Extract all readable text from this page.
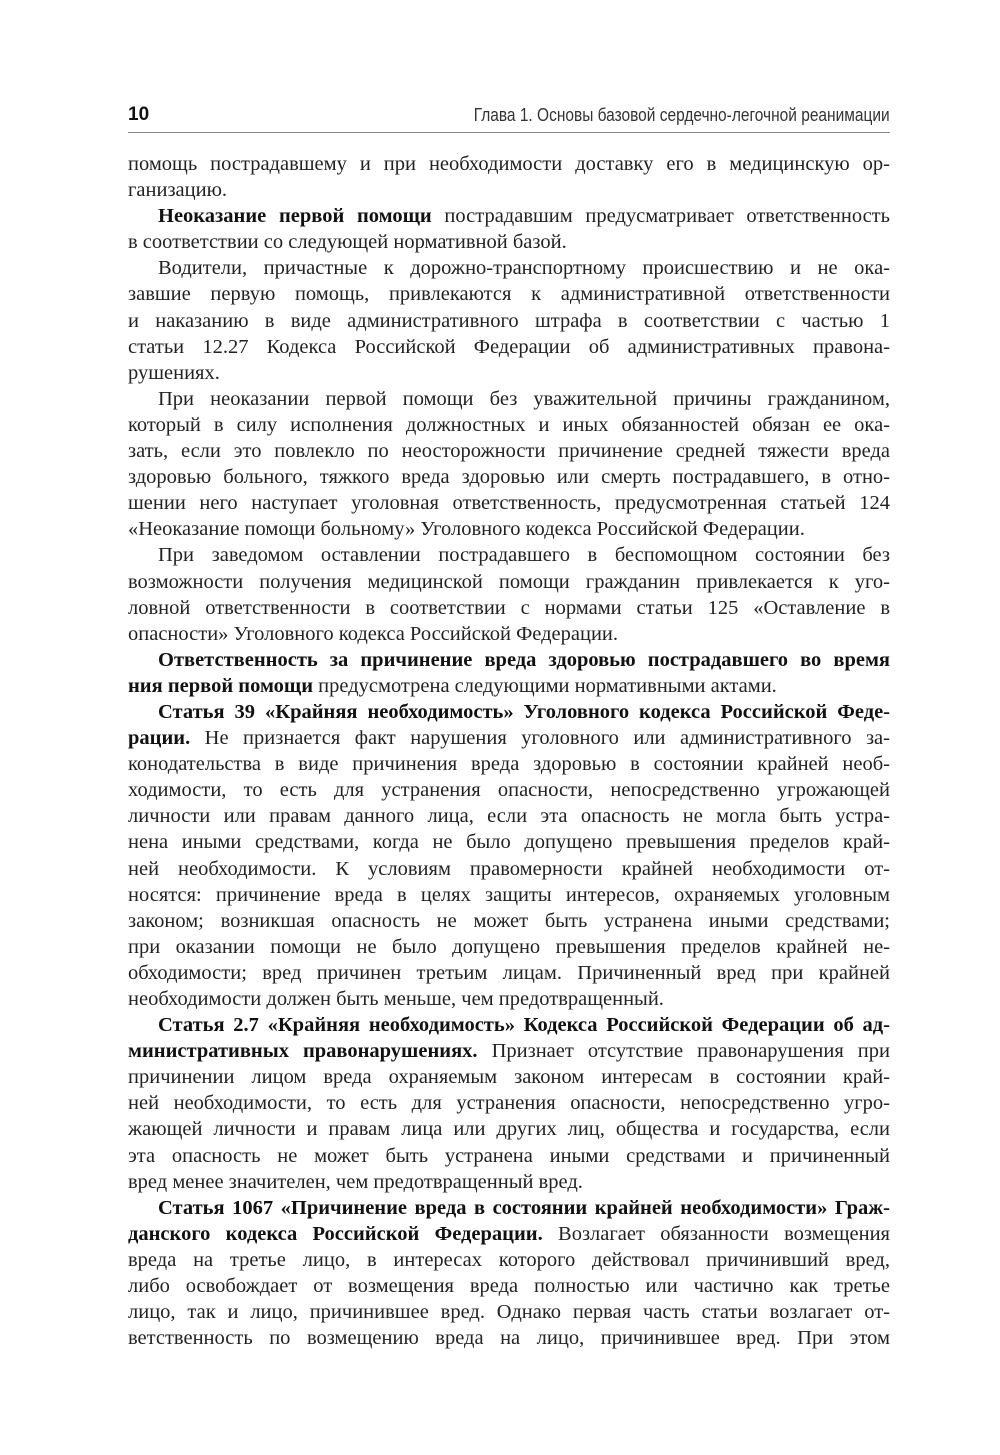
10	Глава 1. Основы базовой сердечно-легочной реанимации
помощь пострадавшему и при необходимости доставку его в медицинскую ор-
ганизацию.
Неоказание первой помощи пострадавшим предусматривает ответственность
в соответствии со следующей нормативной базой.
Водители, причастные к дорожно-транспортному происшествию и не ока-
завшие первую помощь, привлекаются к административной ответственности
и наказанию в виде административного штрафа в соответствии с частью 1
статьи 12.27 Кодекса Российской Федерации об административных правона-
рушениях.
При неоказании первой помощи без уважительной причины гражданином,
который в силу исполнения должностных и иных обязанностей обязан ее ока-
зать, если это повлекло по неосторожности причинение средней тяжести вреда
здоровью больного, тяжкого вреда здоровью или смерть пострадавшего, в отно-
шении него наступает уголовная ответственность, предусмотренная статьей 124
«Неоказание помощи больному» Уголовного кодекса Российской Федерации.
При заведомом оставлении пострадавшего в беспомощном состоянии без
возможности получения медицинской помощи гражданин привлекается к уго-
ловной ответственности в соответствии с нормами статьи 125 «Оставление в
опасности» Уголовного кодекса Российской Федерации.
Ответственность за причинение вреда здоровью пострадавшего во время
ния первой помощи предусмотрена следующими нормативными актами.
Статья 39 «Крайняя необходимость» Уголовного кодекса Российской Феде-
рации. Не признается факт нарушения уголовного или административного за-
конодательства в виде причинения вреда здоровью в состоянии крайней необ-
ходимости, то есть для устранения опасности, непосредственно угрожающей
личности или правам данного лица, если эта опасность не могла быть устра-
нена иными средствами, когда не было допущено превышения пределов край-
ней необходимости. К условиям правомерности крайней необходимости от-
носятся: причинение вреда в целях защиты интересов, охраняемых уголовным
законом; возникшая опасность не может быть устранена иными средствами;
при оказании помощи не было допущено превышения пределов крайней не-
обходимости; вред причинен третьим лицам. Причиненный вред при крайней
необходимости должен быть меньше, чем предотвращенный.
Статья 2.7 «Крайняя необходимость» Кодекса Российской Федерации об ад-
министративных правонарушениях. Признает отсутствие правонарушения при
причинении лицом вреда охраняемым законом интересам в состоянии край-
ней необходимости, то есть для устранения опасности, непосредственно угро-
жающей личности и правам лица или других лиц, общества и государства, если
эта опасность не может быть устранена иными средствами и причиненный
вред менее значителен, чем предотвращенный вред.
Статья 1067 «Причинение вреда в состоянии крайней необходимости» Граж-
данского кодекса Российской Федерации. Возлагает обязанности возмещения
вреда на третье лицо, в интересах которого действовал причинивший вред,
либо освобождает от возмещения вреда полностью или частично как третье
лицо, так и лицо, причинившее вред. Однако первая часть статьи возлагает от-
ветственность по возмещению вреда на лицо, причинившее вред. При этом
